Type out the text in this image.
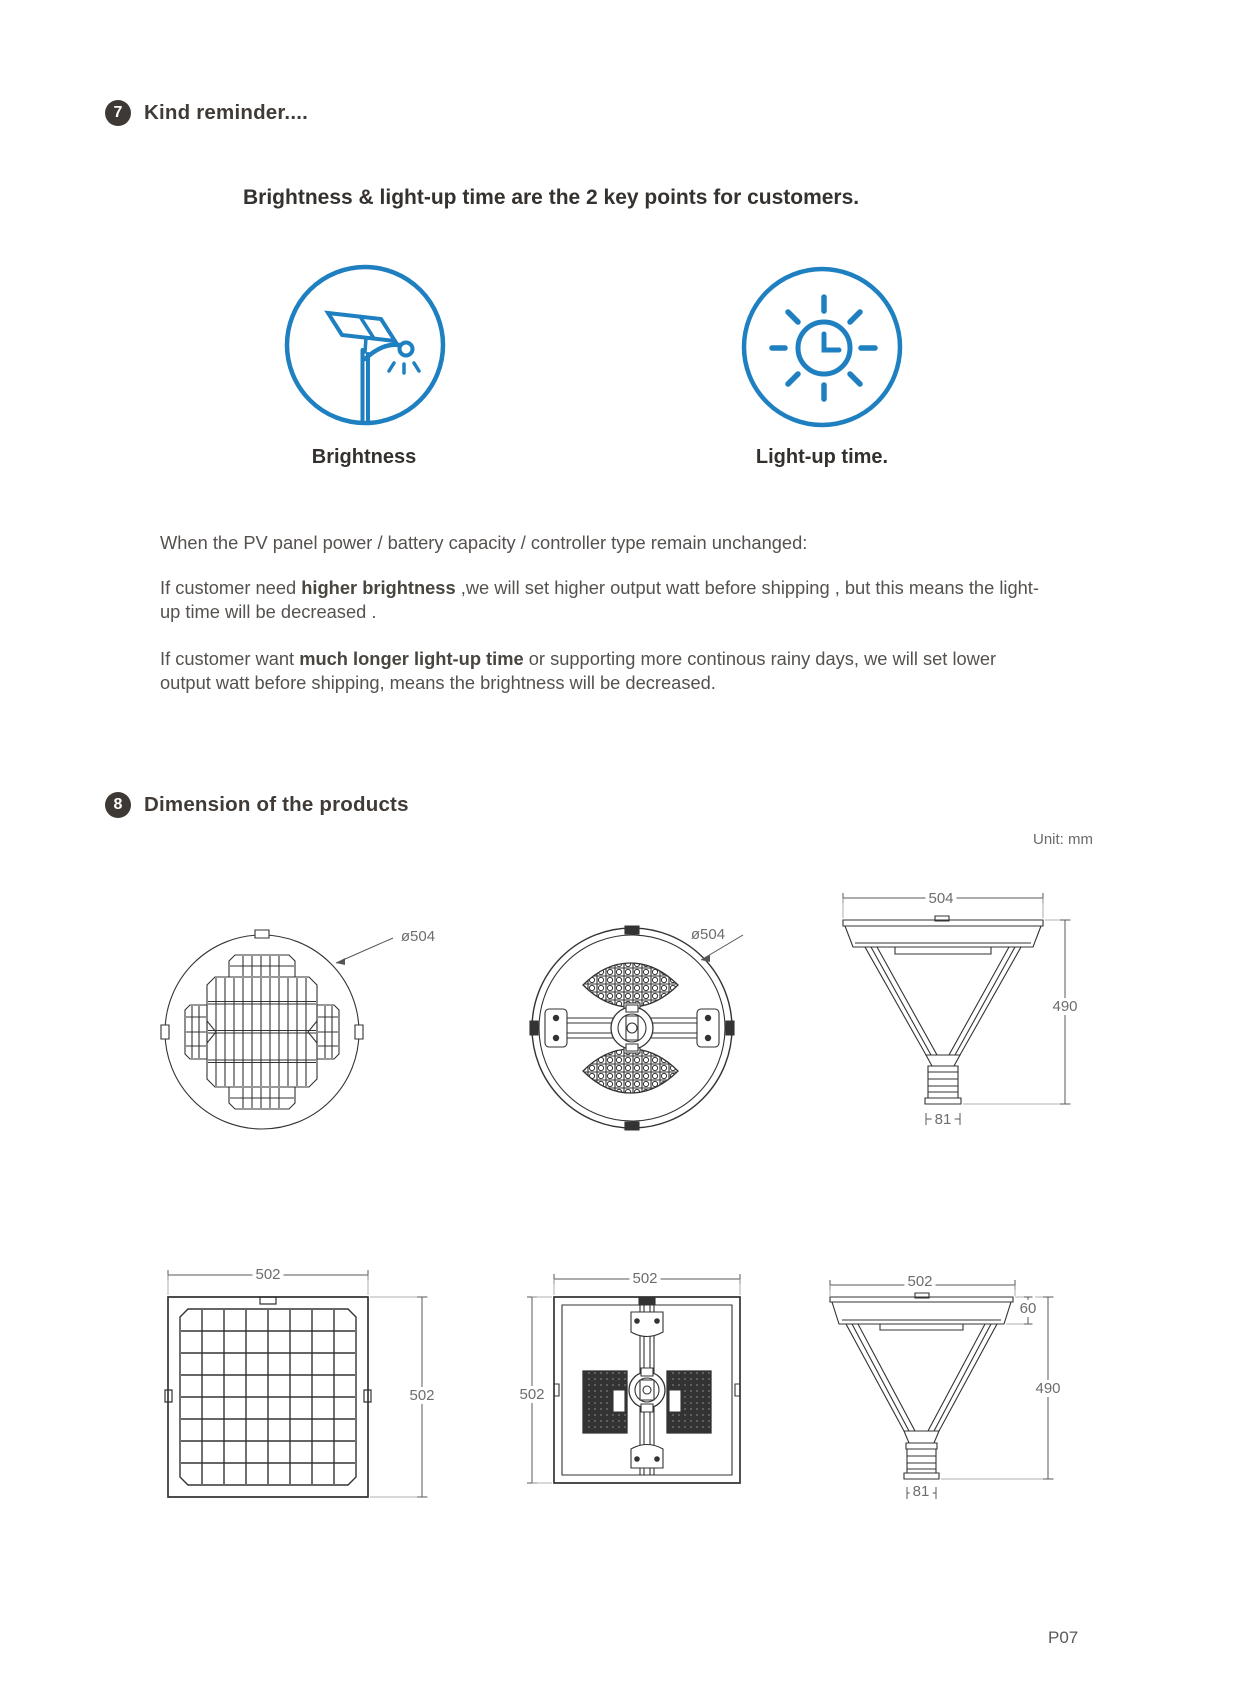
7	Kind reminder....
Brightness & light-up time are the 2 key points for customers.
Brightness	Light-up time.
When the PV panel power / battery capacity / controller type remain unchanged:
If customer need higher brightness ,we will set higher output watt before shipping , but this means the light-up time will be decreased .
If customer want much longer light-up time or supporting more continous rainy days, we will set lower output watt before shipping, means the brightness will be decreased.
8	Dimension of the products
Unit: mm
ø504	ø504
504
490
81
502
502
502
502
502
60
490
81
P07
